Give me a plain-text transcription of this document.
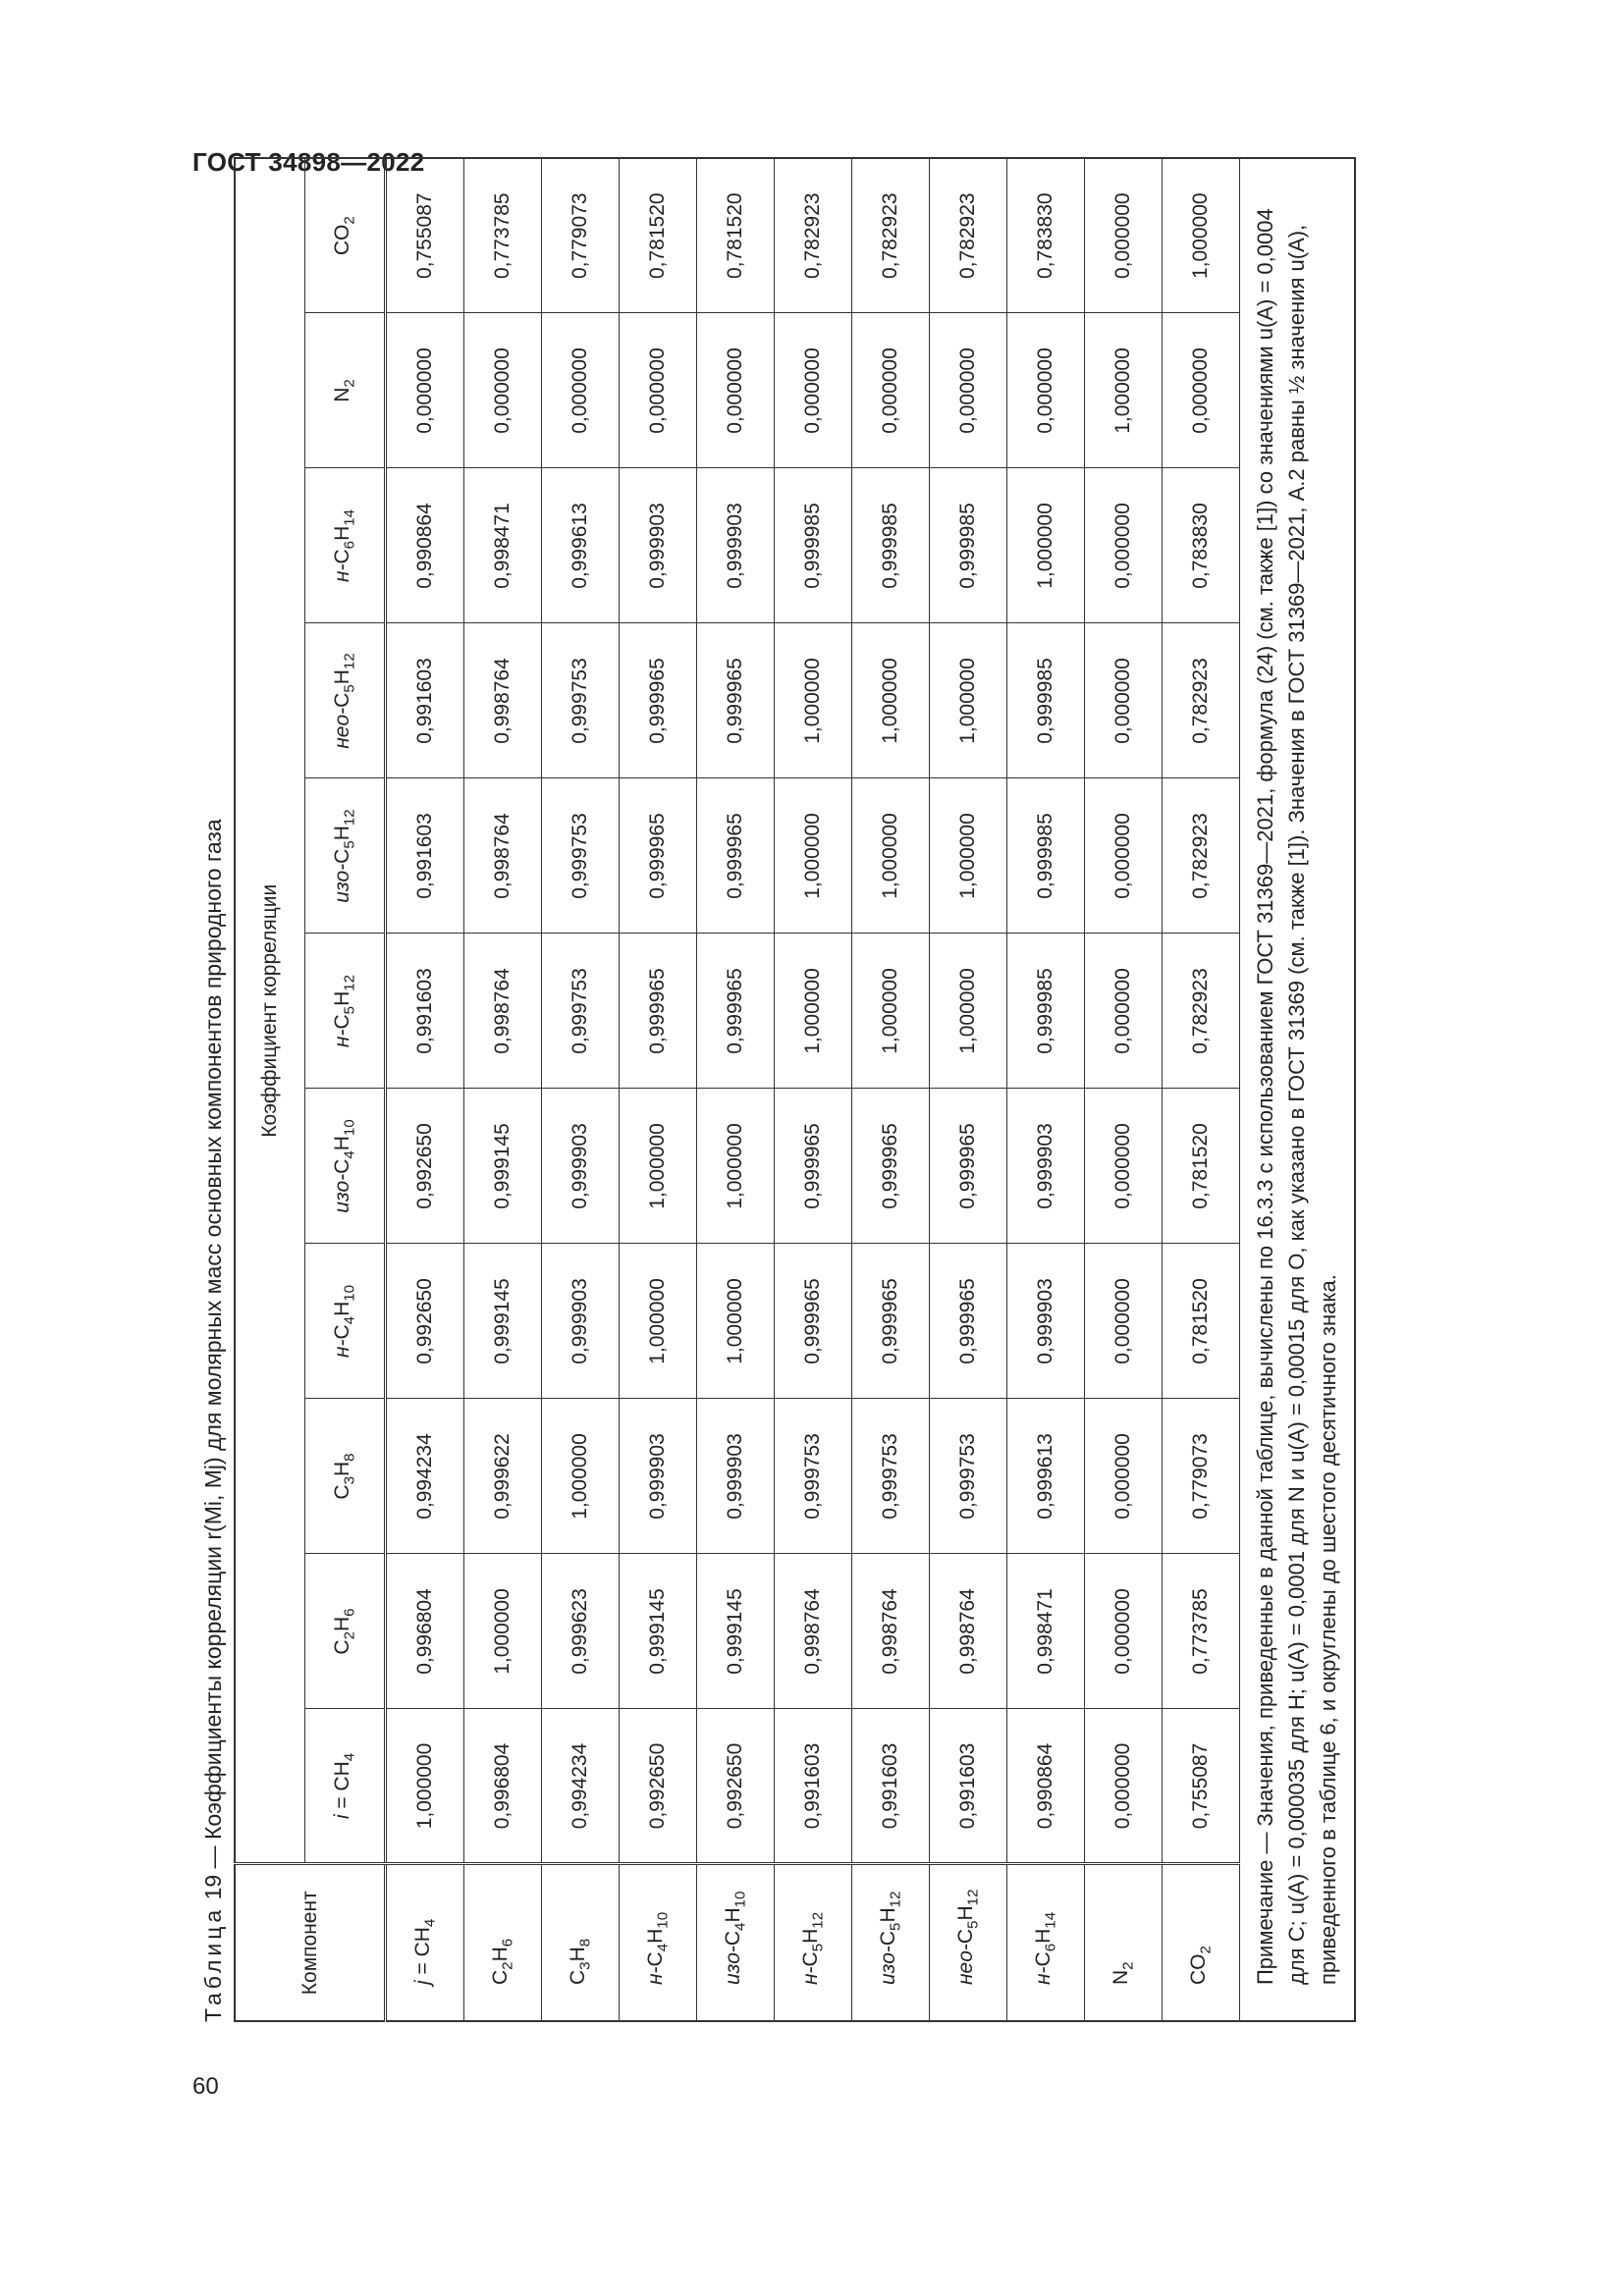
ГОСТ 34898—2022
Таблица 19 — Коэффициенты корреляции r(Mi, Mj) для молярных масс основных компонентов природного газа
Компонент	Коэффициент корреляции										
	$i = CH_4$	$C_2H_6$	$C_3H_8$	$н-C_4H_{10}$	изо-$C_4H_{10}$	$н-C_5H_{12}$	изо-$C_5H_{12}$	нео-$C_5H_{12}$	$н-C_6H_{14}$	$N_2$	$CO_2$
$j = CH_4$	1,000000	0,996804	0,994234	0,992650	0,992650	0,991603	0,991603	0,991603	0,990864	0,000000	0,755087
$C_2H_6$	0,996804	1,000000	0,999622	0,999145	0,999145	0,998764	0,998764	0,998764	0,998471	0,000000	0,773785
$C_3H_8$	0,994234	0,999623	1,000000	0,999903	0,999903	0,999753	0,999753	0,999753	0,999613	0,000000	0,779073
$н-C_4H_{10}$	0,992650	0,999145	0,999903	1,000000	1,000000	0,999965	0,999965	0,999965	0,999903	0,000000	0,781520
изо-$C_4H_{10}$	0,992650	0,999145	0,999903	1,000000	1,000000	0,999965	0,999965	0,999965	0,999903	0,000000	0,781520
$н-C_5H_{12}$	0,991603	0,998764	0,999753	0,999965	0,999965	1,000000	1,000000	1,000000	0,999985	0,000000	0,782923
изо-$C_5H_{12}$	0,991603	0,998764	0,999753	0,999965	0,999965	1,000000	1,000000	1,000000	0,999985	0,000000	0,782923
нео-$C_5H_{12}$	0,991603	0,998764	0,999753	0,999965	0,999965	1,000000	1,000000	1,000000	0,999985	0,000000	0,782923
$н-C_6H_{14}$	0,990864	0,998471	0,999613	0,999903	0,999903	0,999985	0,999985	0,999985	1,000000	0,000000	0,783830
$N_2$	0,000000	0,000000	0,000000	0,000000	0,000000	0,000000	0,000000	0,000000	0,000000	1,000000	0,000000
$CO_2$	0,755087	0,773785	0,779073	0,781520	0,781520	0,782923	0,782923	0,782923	0,783830	0,000000	1,000000
Примечание — Значения, приведенные в данной таблице, вычислены по 16.3.3 с использованием ГОСТ 31369—2021, формула (24) (см. также [1]) со значениями u(A) = 0,0004 для C; u(A) = 0,000035 для H; u(A) = 0,0001 для N и u(A) = 0,00015 для O, как указано в ГОСТ 31369 (см. также [1]). Значения в ГОСТ 31369—2021, А.2 равны ½ значения u(A), приведенного в таблице 6, и округлены до шестого десятичного знака.											
60
